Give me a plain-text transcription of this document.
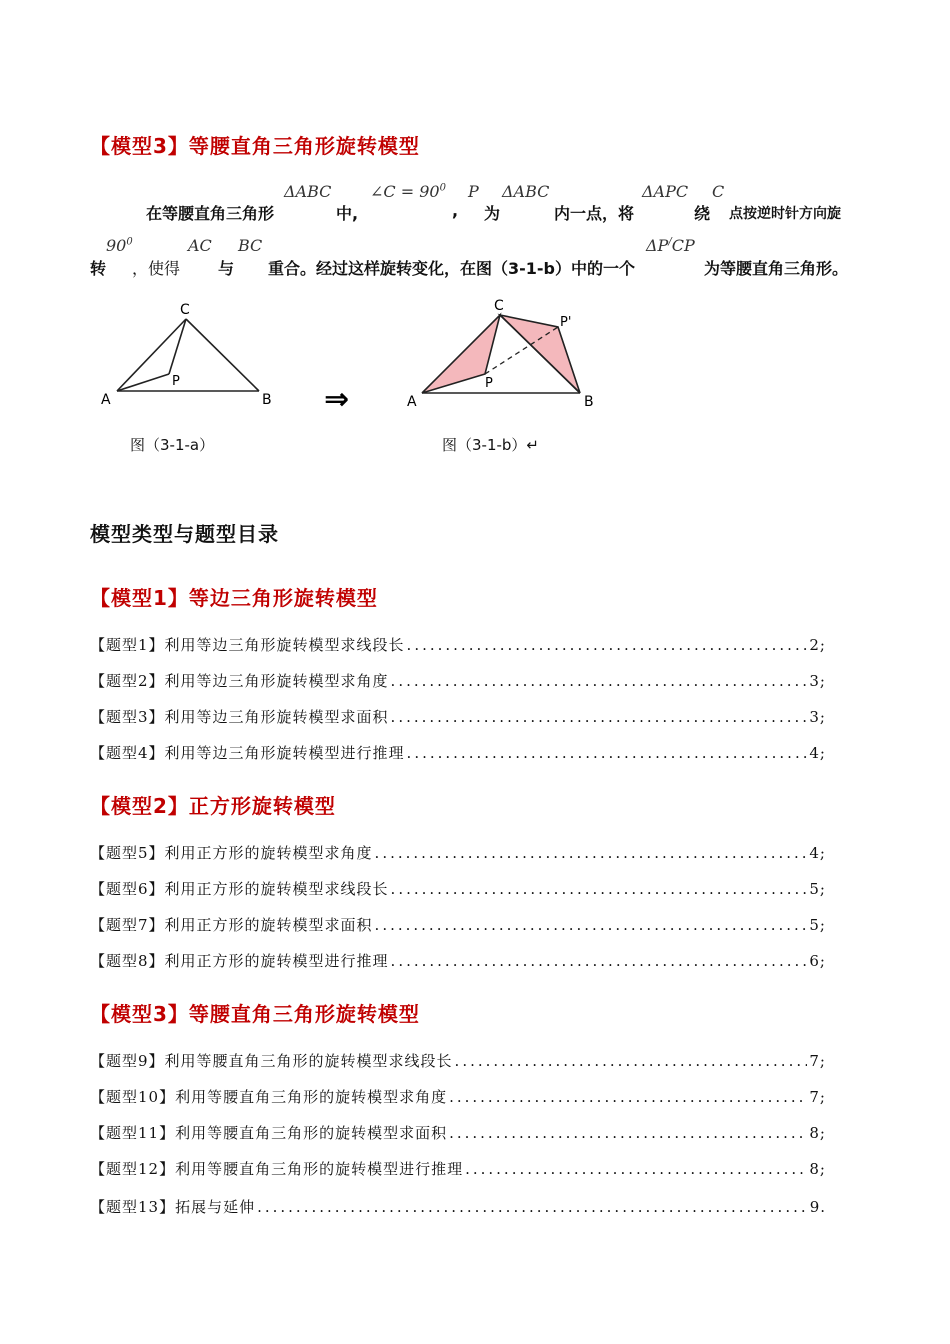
【模型3】等腰直角三角形旋转模型
在等腰直角三角形
ΔABC
中,
∠C = $90^0$
,
P
为
ΔABC
内一点，将
ΔAPC
绕
C
点按逆时针方向旋
转
$90^0$
，使得
AC
与
BC
重合。经过这样旋转变化，在图（3-1-b）中的一个
ΔP/CP
为等腰直角三角形。
A	B
C
P
⇒	A	B
C
P
P'
图（3-1-a）	图（3-1-b）↵
模型类型与题型目录
【模型1】等边三角形旋转模型
【题型1】利用等边三角形旋转模型求线段长 .....	2;
【题型2】利用等边三角形旋转模型求角度 .....	3;
【题型3】利用等边三角形旋转模型求面积 .....	3;
【题型4】利用等边三角形旋转模型进行推理 .....	4;
【模型2】正方形旋转模型
【题型5】利用正方形的旋转模型求角度 .....	4;
【题型6】利用正方形的旋转模型求线段长 .....	5;
【题型7】利用正方形的旋转模型求面积 .....	5;
【题型8】利用正方形的旋转模型进行推理 .....	6;
【模型3】等腰直角三角形旋转模型
【题型9】利用等腰直角三角形的旋转模型求线段长 .....	7;
【题型10】利用等腰直角三角形的旋转模型求角度 .....	7;
【题型11】利用等腰直角三角形的旋转模型求面积 .....	8;
【题型12】利用等腰直角三角形的旋转模型进行推理 .....	8;
【题型13】拓展与延伸 .....	9.
